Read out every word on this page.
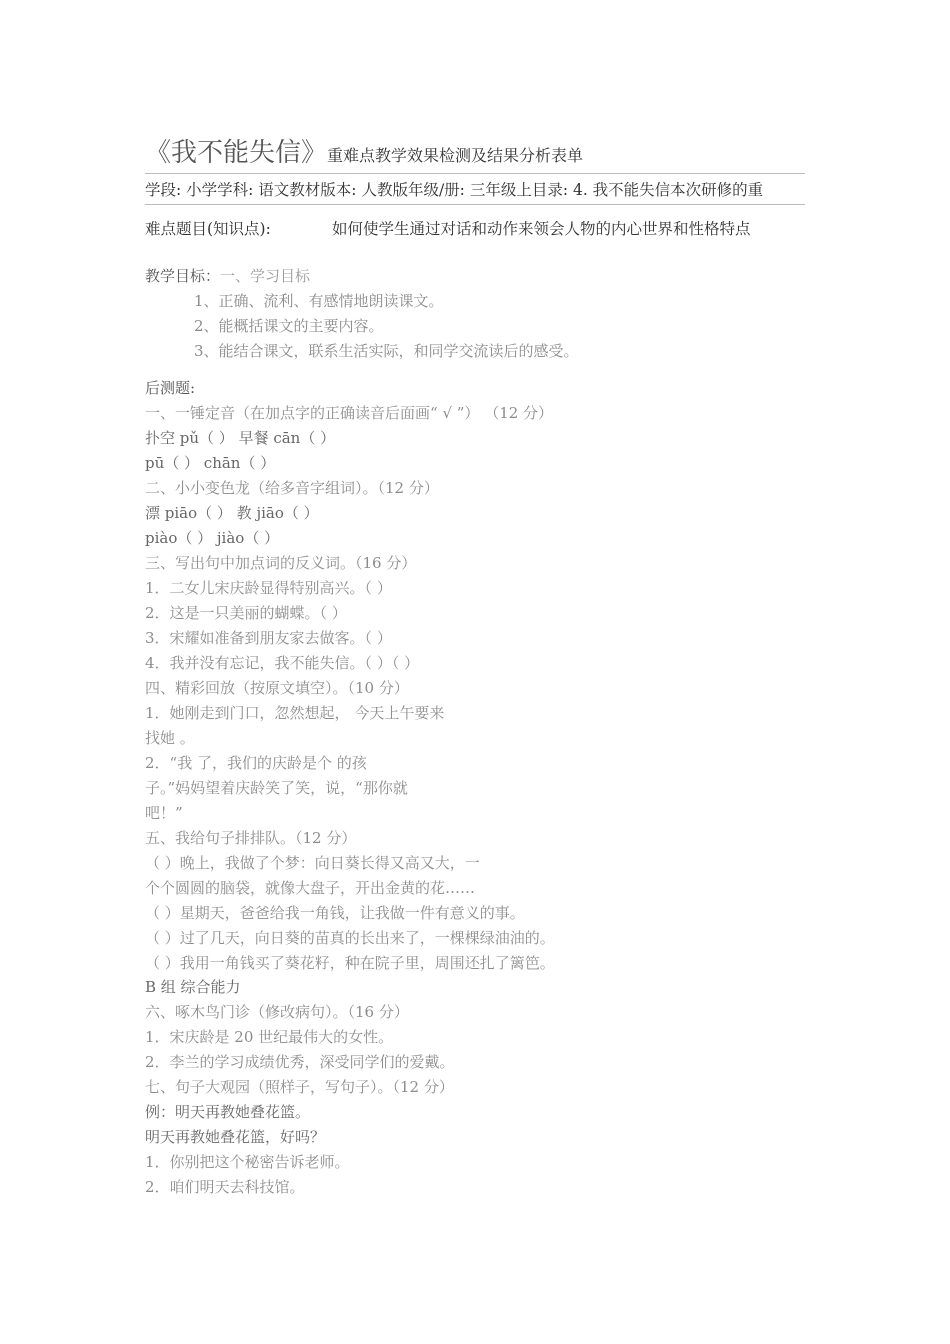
《我不能失信》重难点教学效果检测及结果分析表单
学段: 小学学科: 语文教材版本: 人教版年级/册: 三年级上目录: 4. 我不能失信本次研修的重
难点题目(知识点):	如何使学生通过对话和动作来领会人物的内心世界和性格特点
教学目标：一、学习目标
1、正确、流利、有感情地朗读课文。
2、能概括课文的主要内容。
3、能结合课文，联系生活实际，和同学交流读后的感受。
后测题:
一、一锤定音（在加点字的正确读音后面画“ √ ”） （12 分）
扑空 pǔ（ ） 早餐 cān（ ）
pū（ ） chān（ ）
二、小小变色龙（给多音字组词）。（12 分）
漂 piāo（ ） 教 jiāo（ ）
piào（ ） jiào（ ）
三、写出句中加点词的反义词。（16 分）
1．二女儿宋庆龄显得特别高兴。（ ）
2．这是一只美丽的蝴蝶。（ ）
3．宋耀如准备到朋友家去做客。（ ）
4．我并没有忘记，我不能失信。（ ）（ ）
四、精彩回放（按原文填空）。（10 分）
1．她刚走到门口，忽然想起， 今天上午要来
找她 。
2．“我 了，我们的庆龄是个 的孩
子。”妈妈望着庆龄笑了笑，说，“那你就
吧！”
五、我给句子排排队。（12 分）
（ ）晚上，我做了个梦：向日葵长得又高又大，一
个个圆圆的脑袋，就像大盘子，开出金黄的花……
（ ）星期天，爸爸给我一角钱，让我做一件有意义的事。
（ ）过了几天，向日葵的苗真的长出来了，一棵棵绿油油的。
（ ）我用一角钱买了葵花籽，种在院子里，周围还扎了篱笆。
B 组 综合能力
六、啄木鸟门诊（修改病句）。（16 分）
1．宋庆龄是 20 世纪最伟大的女性。
2．李兰的学习成绩优秀，深受同学们的爱戴。
七、句子大观园（照样子，写句子）。（12 分）
例：明天再教她叠花篮。
明天再教她叠花篮，好吗？
1．你别把这个秘密告诉老师。
2．咱们明天去科技馆。
